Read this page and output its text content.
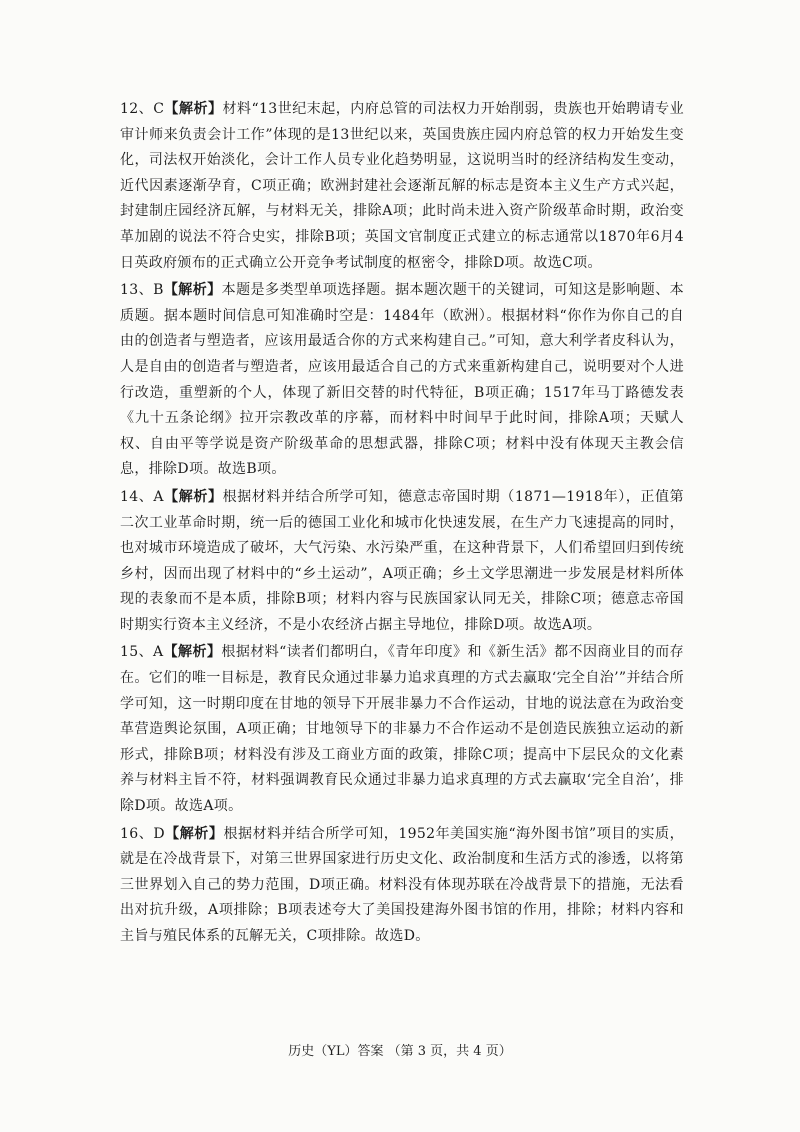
12、C【解析】材料“13世纪末起，内府总管的司法权力开始削弱，贵族也开始聘请专业审计师来负责会计工作”体现的是13世纪以来，英国贵族庄园内府总管的权力开始发生变化，司法权开始淡化，会计工作人员专业化趋势明显，这说明当时的经济结构发生变动，近代因素逐渐孕育，C项正确；欧洲封建社会逐渐瓦解的标志是资本主义生产方式兴起，封建制庄园经济瓦解，与材料无关，排除A项；此时尚未进入资产阶级革命时期，政治变革加剧的说法不符合史实，排除B项；英国文官制度正式建立的标志通常以1870年6月4日英政府颁布的正式确立公开竞争考试制度的枢密令，排除D项。故选C项。

13、B【解析】本题是多类型单项选择题。据本题次题干的关键词，可知这是影响题、本质题。据本题时间信息可知准确时空是：1484年（欧洲）。根据材料“你作为你自己的自由的创造者与塑造者，应该用最适合你的方式来构建自己。”可知，意大利学者皮科认为，人是自由的创造者与塑造者，应该用最适合自己的方式来重新构建自己，说明要对个人进行改造，重塑新的个人，体现了新旧交替的时代特征，B项正确；1517年马丁路德发表《九十五条论纲》拉开宗教改革的序幕，而材料中时间早于此时间，排除A项；天赋人权、自由平等学说是资产阶级革命的思想武器，排除C项；材料中没有体现天主教会信息，排除D项。故选B项。

14、A【解析】根据材料并结合所学可知，德意志帝国时期（1871—1918年），正值第二次工业革命时期，统一后的德国工业化和城市化快速发展，在生产力飞速提高的同时，也对城市环境造成了破坏，大气污染、水污染严重，在这种背景下，人们希望回归到传统乡村，因而出现了材料中的“乡土运动”，A项正确；乡土文学思潮进一步发展是材料所体现的表象而不是本质，排除B项；材料内容与民族国家认同无关，排除C项；德意志帝国时期实行资本主义经济，不是小农经济占据主导地位，排除D项。故选A项。

15、A【解析】根据材料“读者们都明白，《青年印度》和《新生活》都不因商业目的而存在。它们的唯一目标是，教育民众通过非暴力追求真理的方式去赢取‘完全自治’”并结合所学可知，这一时期印度在甘地的领导下开展非暴力不合作运动，甘地的说法意在为政治变革营造舆论氛围，A项正确；甘地领导下的非暴力不合作运动不是创造民族独立运动的新形式，排除B项；材料没有涉及工商业方面的政策，排除C项；提高中下层民众的文化素养与材料主旨不符，材料强调教育民众通过非暴力追求真理的方式去赢取‘完全自治’，排除D项。故选A项。

16、D【解析】根据材料并结合所学可知，1952年美国实施“海外图书馆”项目的实质，就是在冷战背景下，对第三世界国家进行历史文化、政治制度和生活方式的渗透，以将第三世界划入自己的势力范围，D项正确。材料没有体现苏联在冷战背景下的措施，无法看出对抗升级，A项排除；B项表述夸大了美国投建海外图书馆的作用，排除；材料内容和主旨与殖民体系的瓦解无关，C项排除。故选D。

历史（YL）答案 （第 3 页，共 4 页）
